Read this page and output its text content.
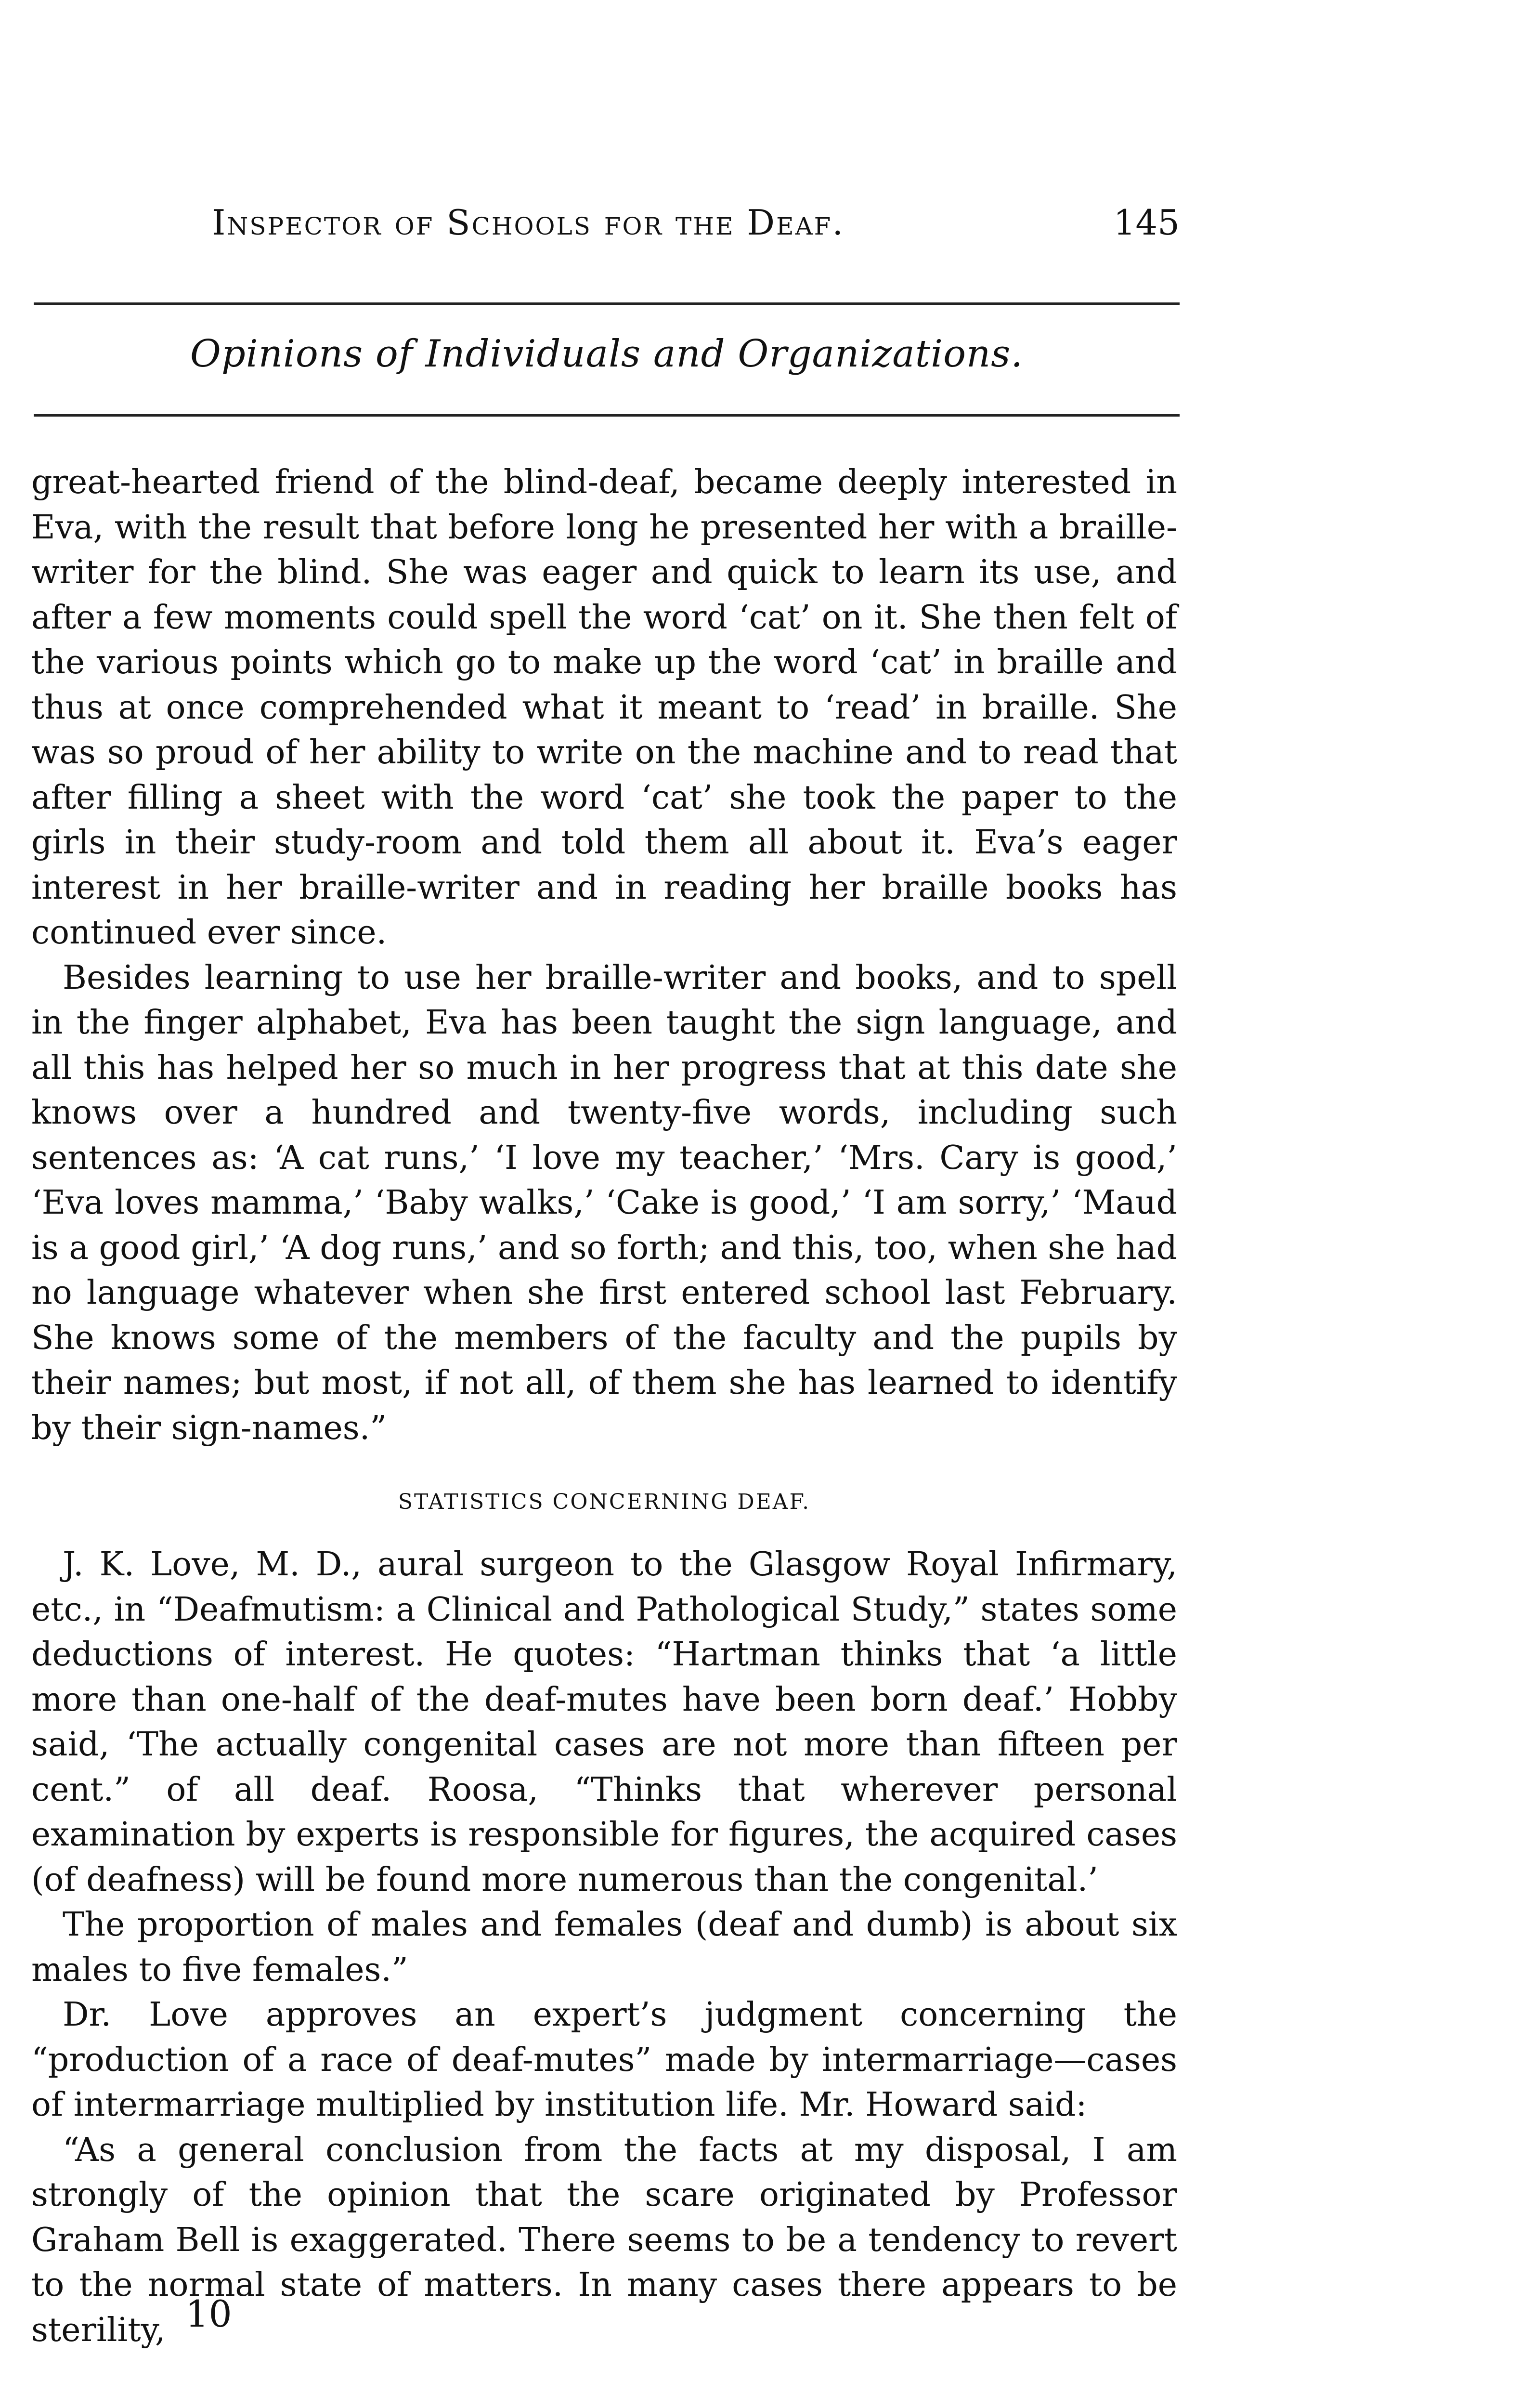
Inspector of Schools for the Deaf.	145
Opinions of Individuals and Organizations.

great-hearted friend of the blind-deaf, became deeply interested in Eva, with the result that before long he presented her with a braille-writer for the blind. She was eager and quick to learn its use, and after a few moments could spell the word ‘cat’ on it. She then felt of the various points which go to make up the word ‘cat’ in braille and thus at once comprehended what it meant to ‘read’ in braille. She was so proud of her ability to write on the machine and to read that after filling a sheet with the word ‘cat’ she took the paper to the girls in their study-room and told them all about it. Eva’s eager interest in her braille-writer and in reading her braille books has continued ever since.

Besides learning to use her braille-writer and books, and to spell in the finger alphabet, Eva has been taught the sign language, and all this has helped her so much in her progress that at this date she knows over a hundred and twenty-five words, including such sentences as: ‘A cat runs,’ ‘I love my teacher,’ ‘Mrs. Cary is good,’ ‘Eva loves mamma,’ ‘Baby walks,’ ‘Cake is good,’ ‘I am sorry,’ ‘Maud is a good girl,’ ‘A dog runs,’ and so forth; and this, too, when she had no language whatever when she first entered school last February. She knows some of the members of the faculty and the pupils by their names; but most, if not all, of them she has learned to identify by their sign-names.”

STATISTICS CONCERNING DEAF.

J. K. Love, M. D., aural surgeon to the Glasgow Royal Infirmary, etc., in “Deafmutism: a Clinical and Pathological Study,” states some deductions of interest. He quotes: “Hartman thinks that ‘a little more than one-half of the deaf-mutes have been born deaf.’ Hobby said, ‘The actually congenital cases are not more than fifteen per cent.” of all deaf. Roosa, “Thinks that wherever personal examination by experts is responsible for figures, the acquired cases (of deafness) will be found more numerous than the congenital.’

The proportion of males and females (deaf and dumb) is about six males to five females.”

Dr. Love approves an expert’s judgment concerning the “production of a race of deaf-mutes” made by intermarriage—cases of intermarriage multiplied by institution life. Mr. Howard said:

“As a general conclusion from the facts at my disposal, I am strongly of the opinion that the scare originated by Professor Graham Bell is exaggerated. There seems to be a tendency to revert to the normal state of matters. In many cases there appears to be sterility, 10
